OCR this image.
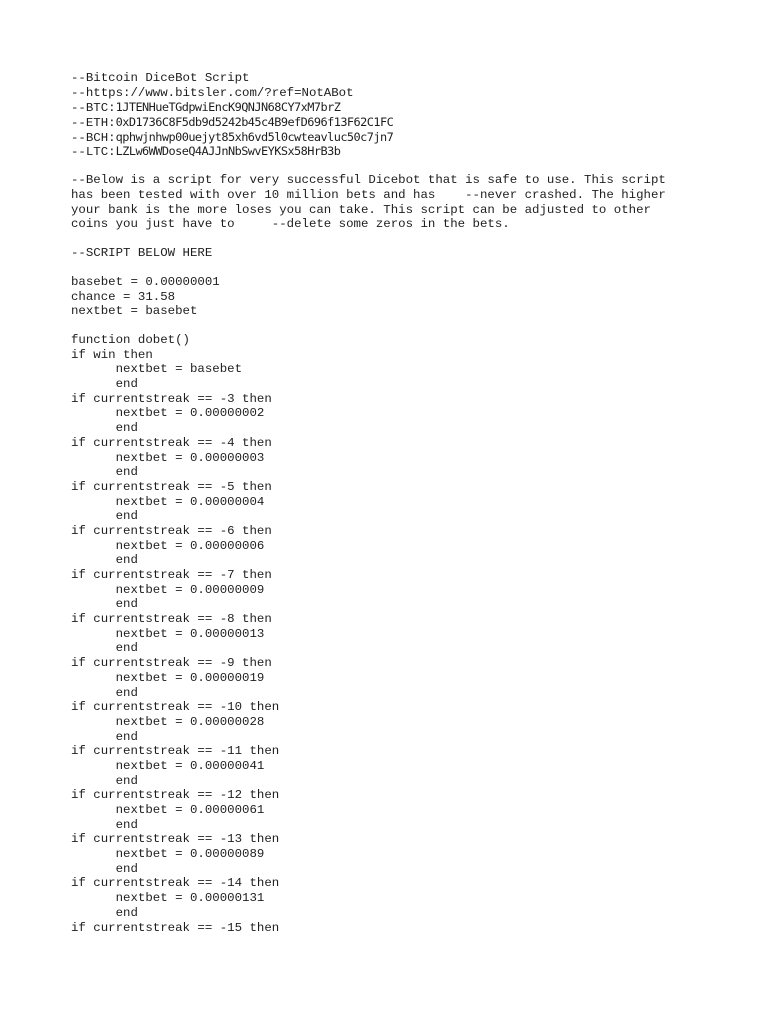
--Bitcoin DiceBot Script
--https://www.bitsler.com/?ref=NotABot
--BTC:1JTENHueTGdpwiEncK9QNJN68CY7xM7brZ
--ETH:0xD1736C8F5db9d5242b45c4B9efD696f13F62C1FC
--BCH:qphwjnhwp00uejyt85xh6vd5l0cwteavluc50c7jn7
--LTC:LZLw6WWDoseQ4AJJnNbSwvEYKSx58HrB3b
--Below is a script for very successful Dicebot that is safe to use. This script
has been tested with over 10 million bets and has    --never crashed. The higher
your bank is the more loses you can take. This script can be adjusted to other
coins you just have to     --delete some zeros in the bets.
--SCRIPT BELOW HERE
basebet = 0.00000001
chance = 31.58
nextbet = basebet
function dobet()
if win then
nextbet = basebet
end
if currentstreak == -3 then
nextbet = 0.00000002
end
if currentstreak == -4 then
nextbet = 0.00000003
end
if currentstreak == -5 then
nextbet = 0.00000004
end
if currentstreak == -6 then
nextbet = 0.00000006
end
if currentstreak == -7 then
nextbet = 0.00000009
end
if currentstreak == -8 then
nextbet = 0.00000013
end
if currentstreak == -9 then
nextbet = 0.00000019
end
if currentstreak == -10 then
nextbet = 0.00000028
end
if currentstreak == -11 then
nextbet = 0.00000041
end
if currentstreak == -12 then
nextbet = 0.00000061
end
if currentstreak == -13 then
nextbet = 0.00000089
end
if currentstreak == -14 then
nextbet = 0.00000131
end
if currentstreak == -15 then
